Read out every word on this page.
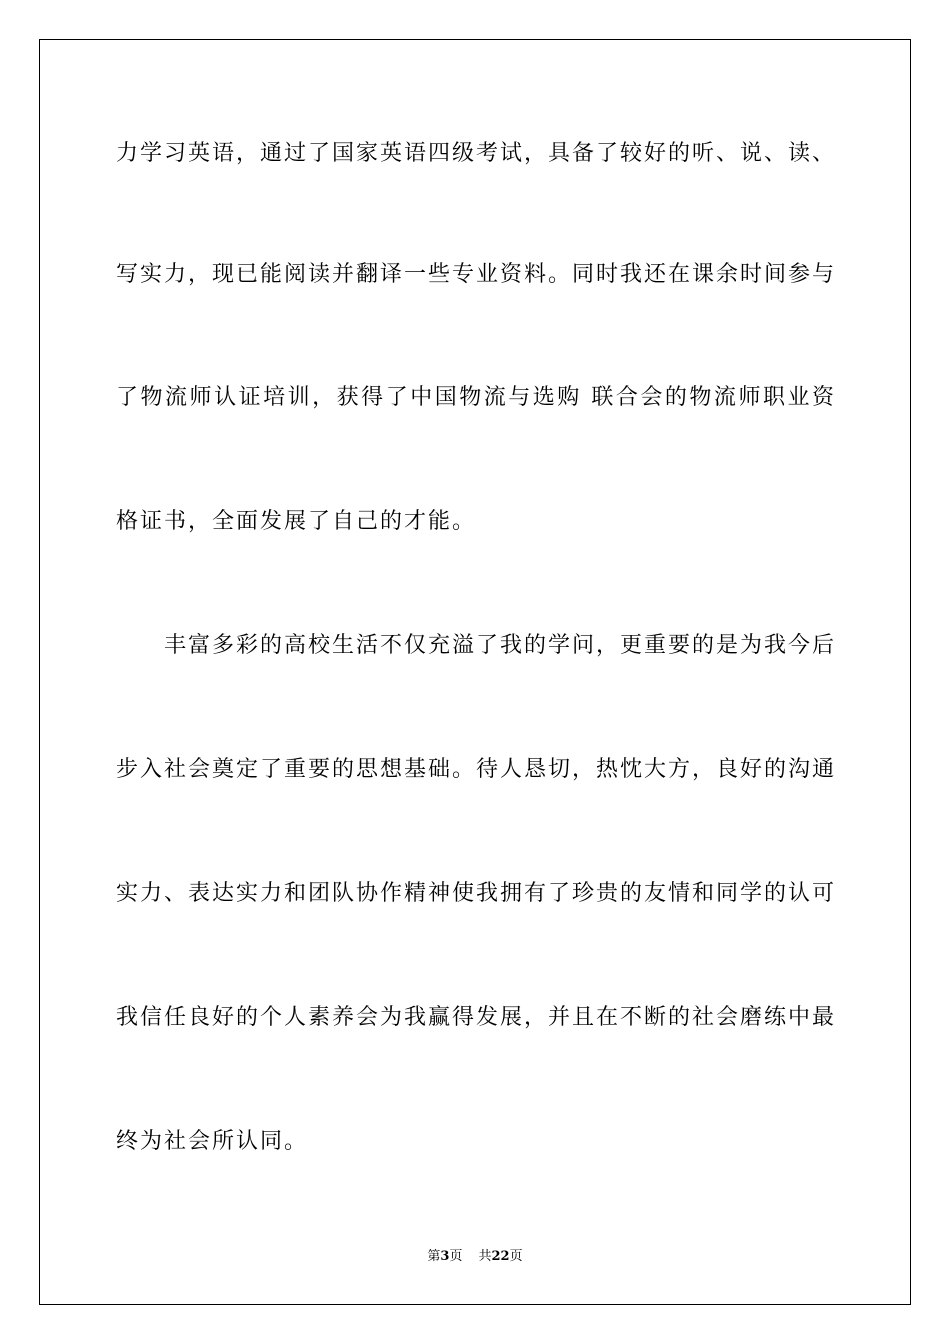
力学习英语，通过了国家英语四级考试，具备了较好的听、说、读、
写实力，现已能阅读并翻译一些专业资料。同时我还在课余时间参与
了物流师认证培训，获得了中国物流与选购 联合会的物流师职业资
格证书，全面发展了自己的才能。
丰富多彩的高校生活不仅充溢了我的学问，更重要的是为我今后
步入社会奠定了重要的思想基础。待人恳切，热忱大方，良好的沟通
实力、表达实力和团队协作精神使我拥有了珍贵的友情和同学的认可
我信任良好的个人素养会为我赢得发展，并且在不断的社会磨练中最
终为社会所认同。
第3页 共22页
